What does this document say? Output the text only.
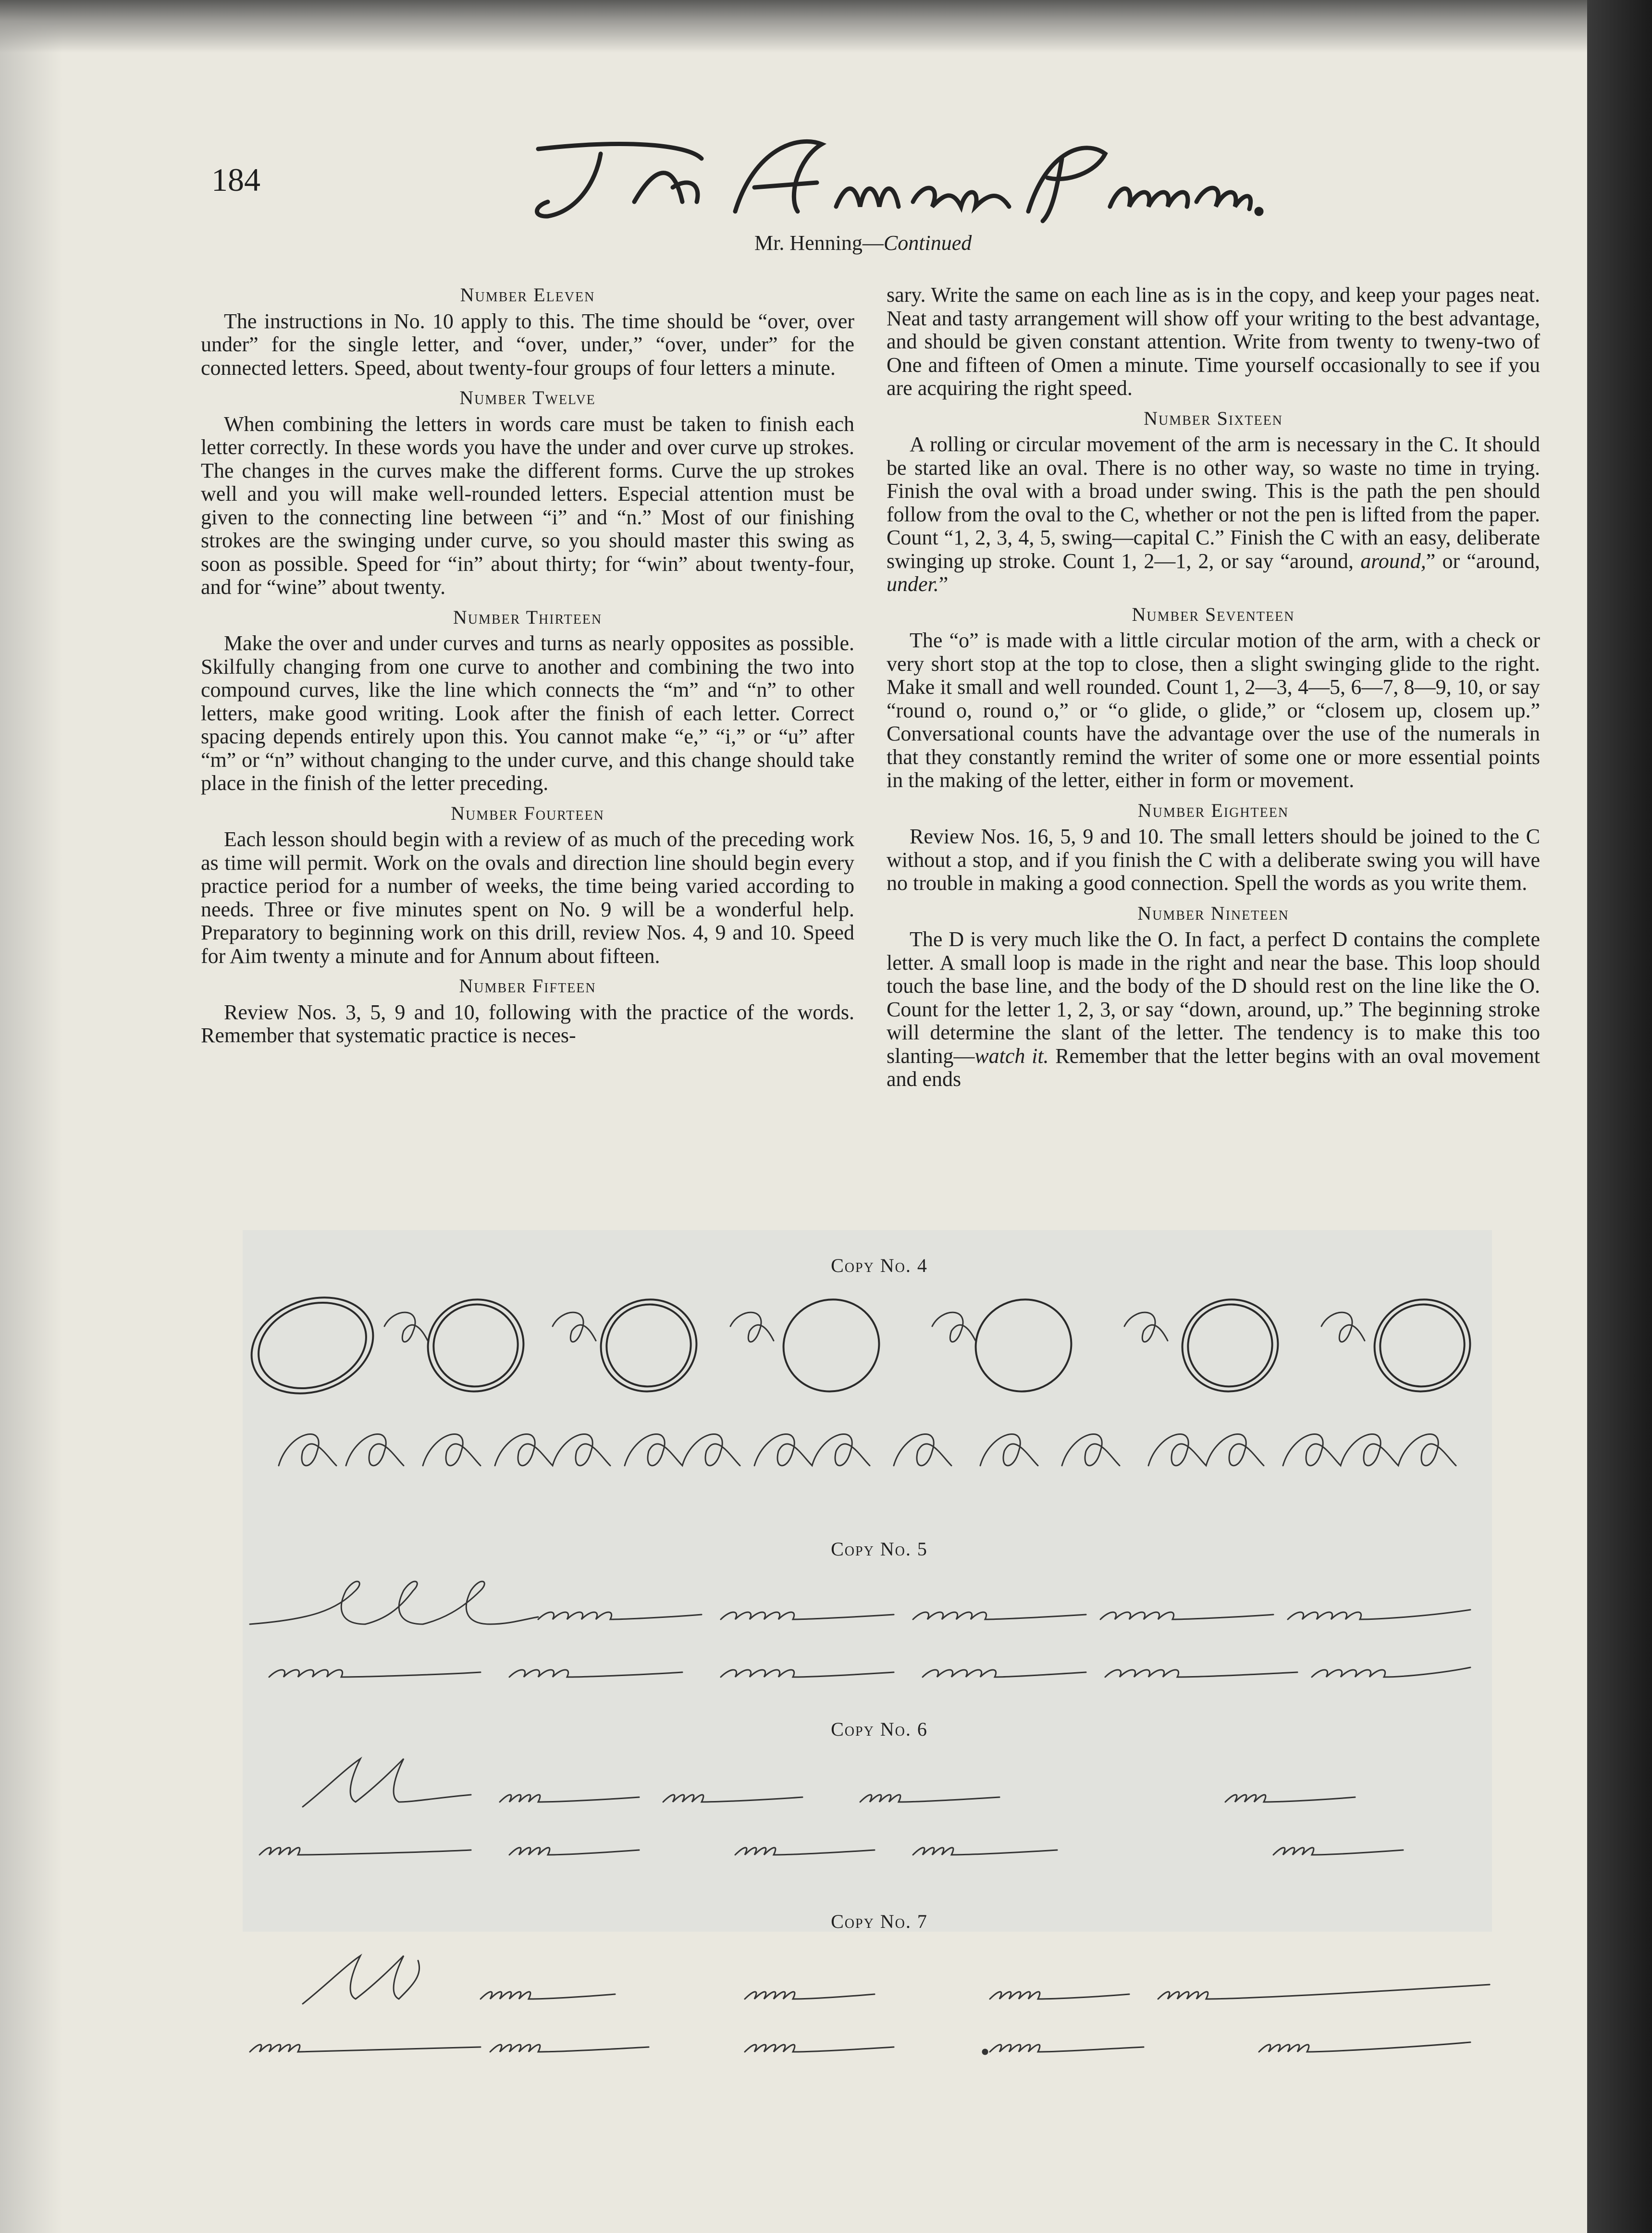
184
The American Penman.
Mr. Henning—Continued
Number Eleven

The instructions in No. 10 apply to this. The time should be “over, over under” for the single letter, and “over, under,” “over, under” for the connected letters. Speed, about twenty-four groups of four letters a minute.

Number Twelve

When combining the letters in words care must be taken to finish each letter correctly. In these words you have the under and over curve up strokes. The changes in the curves make the different forms. Curve the up strokes well and you will make well-rounded letters. Especial attention must be given to the connecting line between “i” and “n.” Most of our finishing strokes are the swinging under curve, so you should master this swing as soon as possible. Speed for “in” about thirty; for “win” about twenty-four, and for “wine” about twenty.

Number Thirteen

Make the over and under curves and turns as nearly opposites as possible. Skilfully changing from one curve to another and combining the two into compound curves, like the line which connects the “m” and “n” to other letters, make good writing. Look after the finish of each letter. Correct spacing depends entirely upon this. You cannot make “e,” “i,” or “u” after “m” or “n” without changing to the under curve, and this change should take place in the finish of the letter preceding.

Number Fourteen

Each lesson should begin with a review of as much of the preceding work as time will permit. Work on the ovals and direction line should begin every practice period for a number of weeks, the time being varied according to needs. Three or five minutes spent on No. 9 will be a wonderful help. Preparatory to beginning work on this drill, review Nos. 4, 9 and 10. Speed for Aim twenty a minute and for Annum about fifteen.

Number Fifteen

Review Nos. 3, 5, 9 and 10, following with the practice of the words. Remember that systematic practice is neces-

sary. Write the same on each line as is in the copy, and keep your pages neat. Neat and tasty arrangement will show off your writing to the best advantage, and should be given constant attention. Write from twenty to tweny-two of One and fifteen of Omen a minute. Time yourself occasionally to see if you are acquiring the right speed.

Number Sixteen

A rolling or circular movement of the arm is necessary in the C. It should be started like an oval. There is no other way, so waste no time in trying. Finish the oval with a broad under swing. This is the path the pen should follow from the oval to the C, whether or not the pen is lifted from the paper. Count “1, 2, 3, 4, 5, swing—capital C.” Finish the C with an easy, deliberate swinging up stroke. Count 1, 2—1, 2, or say “around, around,” or “around, under.”

Number Seventeen

The “o” is made with a little circular motion of the arm, with a check or very short stop at the top to close, then a slight swinging glide to the right. Make it small and well rounded. Count 1, 2—3, 4—5, 6—7, 8—9, 10, or say “round o, round o,” or “o glide, o glide,” or “closem up, closem up.” Conversational counts have the advantage over the use of the numerals in that they constantly remind the writer of some one or more essential points in the making of the letter, either in form or movement.

Number Eighteen

Review Nos. 16, 5, 9 and 10. The small letters should be joined to the C without a stop, and if you finish the C with a deliberate swing you will have no trouble in making a good connection. Spell the words as you write them.

Number Nineteen

The D is very much like the O. In fact, a perfect D contains the complete letter. A small loop is made in the right and near the base. This loop should touch the base line, and the body of the D should rest on the line like the O. Count for the letter 1, 2, 3, or say “down, around, up.” The beginning stroke will determine the slant of the letter. The tendency is to make this too slanting—watch it. Remember that the letter begins with an oval movement and ends

Copy No. 4
Copy No. 5
Copy No. 6
Copy No. 7
